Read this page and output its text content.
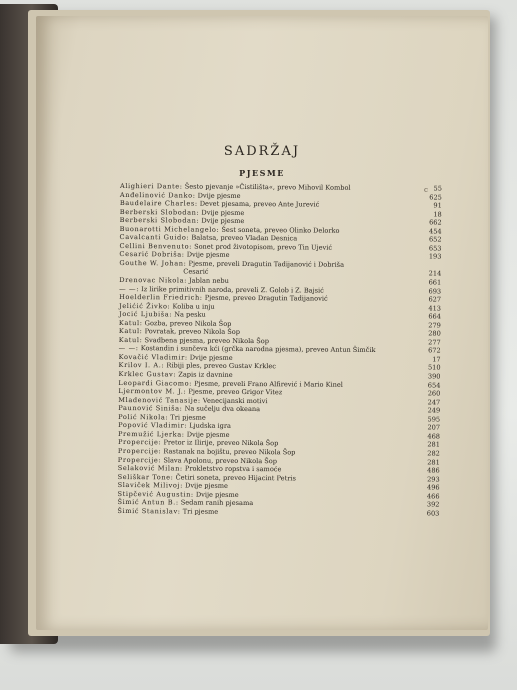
SADRŽAJ
PJESME
c
Alighieri Dante: Šesto pjevanje »Čistilišta«, prevo Mihovil Kombol	55
Anđelinović Danko: Dvije pjesme	625
Baudelaire Charles: Devet pjesama, preveo Ante Jurević	91
Berberski Slobodan: Dvije pjesme	18
Berberski Slobodan: Dvije pjesme	662
Buonarotti Michelangelo: Šest soneta, preveo Olinko Delorko	454
Cavalcanti Guido: Balatsa, preveo Vladan Desnica	652
Cellini Benvenuto: Sonet prod životopisom, prevo Tin Ujević	653
Cesarić Dobriša: Dvije pjesme	193
Gouthe W. Johan: Pjesme, preveli Dragutin Tadijanović i Dobriša
Cesarić	214
Drenovac Nikola: Jablan nebu	661
— —: Iz lirike primitivnih naroda, preveli Z. Golob i Z. Bajsić	693
Hoelderlin Friedrich: Pjesme, preveo Dragutin Tadijanović	627
Jelićić Živko: Koliba u inju	413
Jocić Ljubiša: Na pesku	664
Katul: Gozba, preveo Nikola Šop	279
Katul: Povratak, preveo Nikola Šop	280
Katul: Svadbena pjesma, preveo Nikola Šop	277
— —: Kostandin i sunčeva kći (grčka narodna pjesma), preveo Antun Šimčik	672
Kovačić Vladimir: Dvije pjesme	17
Krilov I. A.: Ribiji ples, preveo Gustav Krklec	510
Krklec Gustav: Zapis iz davnine	390
Leopardi Giacomo: Pjesme, preveli Frano Alfirević i Mario Kinel	654
Ljermontov M. J.: Pjesme, preveo Grigor Vitez	260
Mladenović Tanasije: Venecijanski motivi	247
Paunović Siniša: Na sučelju dva okeana	249
Polić Nikola: Tri pjesme	595
Popović Vladimir: Ljudska igra	207
Premužić Ljerka: Dvije pjesme	468
Propercije: Pretor iz Ilirije, preveo Nikola Šop	281
Propercije: Rastanak na bojištu, preveo Nikola Šop	282
Propercije: Slava Apolonu, preveo Nikola Šop	281
Selaković Milan: Prokletstvo ropstva i samoće	486
Seliškar Tone: Četiri soneta, preveo Hijacint Petris	293
Slaviček Milivoj: Dvije pjesme	496
Stipčević Augustin: Dvije pjesme	466
Šimić Antun B.: Sedam ranih pjesama	392
Šimić Stanislav: Tri pjesme	603
